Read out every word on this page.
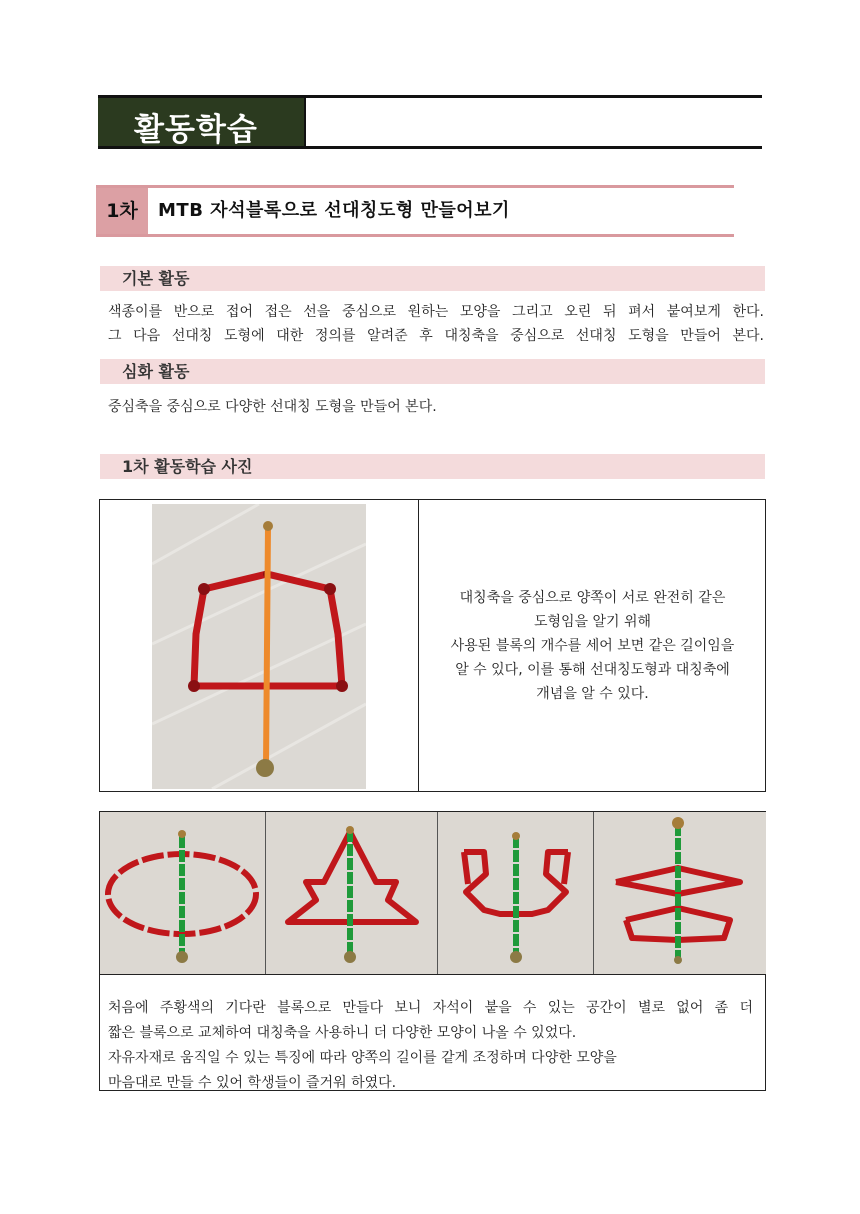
활동학습
1차	MTB 자석블록으로 선대칭도형 만들어보기
기본 활동
색종이를 반으로 접어 접은 선을 중심으로 원하는 모양을 그리고 오린 뒤 펴서 붙여보게 한다.
그 다음 선대칭 도형에 대한 정의를 알려준 후 대칭축을 중심으로 선대칭 도형을 만들어 본다.
심화 활동
중심축을 중심으로 다양한 선대칭 도형을 만들어 본다.
1차 활동학습 사진
대칭축을 중심으로 양쪽이 서로 완전히 같은
도형임을 알기 위해
사용된 블록의 개수를 세어 보면 같은 길이임을
알 수 있다, 이를 통해 선대칭도형과 대칭축에
개념을 알 수 있다.
처음에 주황색의 기다란 블록으로 만들다 보니 자석이 붙을 수 있는 공간이 별로 없어 좀 더
짧은 블록으로 교체하여 대칭축을 사용하니 더 다양한 모양이 나올 수 있었다.
자유자재로 움직일 수 있는 특징에 따라 양쪽의 길이를 같게 조정하며 다양한 모양을
마음대로 만들 수 있어 학생들이 즐거워 하였다.
